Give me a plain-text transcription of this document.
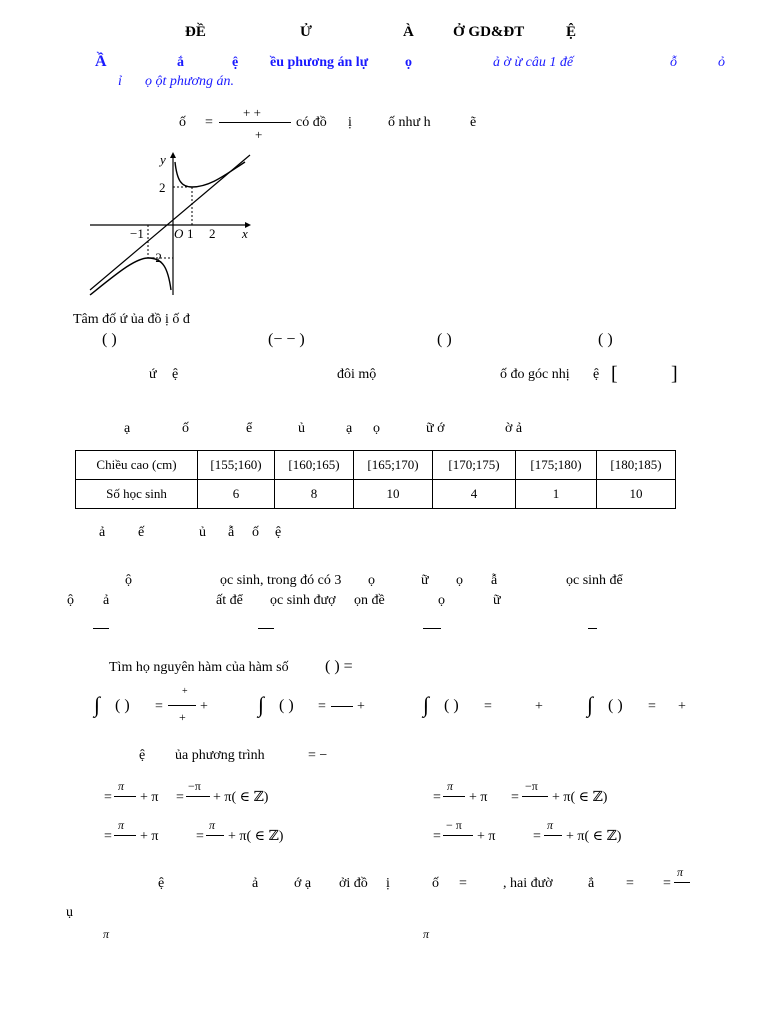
ĐỀ	Ử	À	Ở GD&ĐT	Ệ
Ầ	ắ	ệ ều phương án lự	ọ	ả ờ ừ câu 1 đế	ỗ	ỏ
ỉ ọ ột phương án.
ố =
+ +
+
có đồ ị	ố như h	ẽ
y
x
O
2
−1	1 2
−2
Tâm đố ứ ủa đồ ị ố đ
( )	(− − )	( )	( )
ứ ệ	đôi mộ	ố đo góc nhị ệ [	]
ạ	ố	ể	ủ	ạ ọ	ữ ớ	ờ ả
Chiều cao (cm)	[155;160)	[160;165)	[165;170)	[170;175)	[175;180)	[180;185)
Số học sinh	6	8	10	4	1	10
ả ế	ủ ẫ ố ệ
ộ	ọc sinh, trong đó có 3 ọ	ữ ọ ẫ	ọc sinh để
ộ ả	ất để ọc sinh đượ ọn đề	ọ	ữ
Tìm họ nguyên hàm của hàm số ( ) =
∫ ( ) =
+
+
+ ∫ ( ) = +	∫ ( ) =	+ ∫ ( ) = +
ệ ủa phương trình	= −
=
π
+ π =
−π
+ π( ∈ ℤ)	=
π
+ π =
−π
+ π( ∈ ℤ)
=
π
+ π	=
π
+ π( ∈ ℤ)	=
− π
+ π	=
π
+ π( ∈ ℤ)
ệ	ả	ớ ạ ởi đồ ị	ố =	, hai đườ	ẳ = =
π
ụ
π	π
